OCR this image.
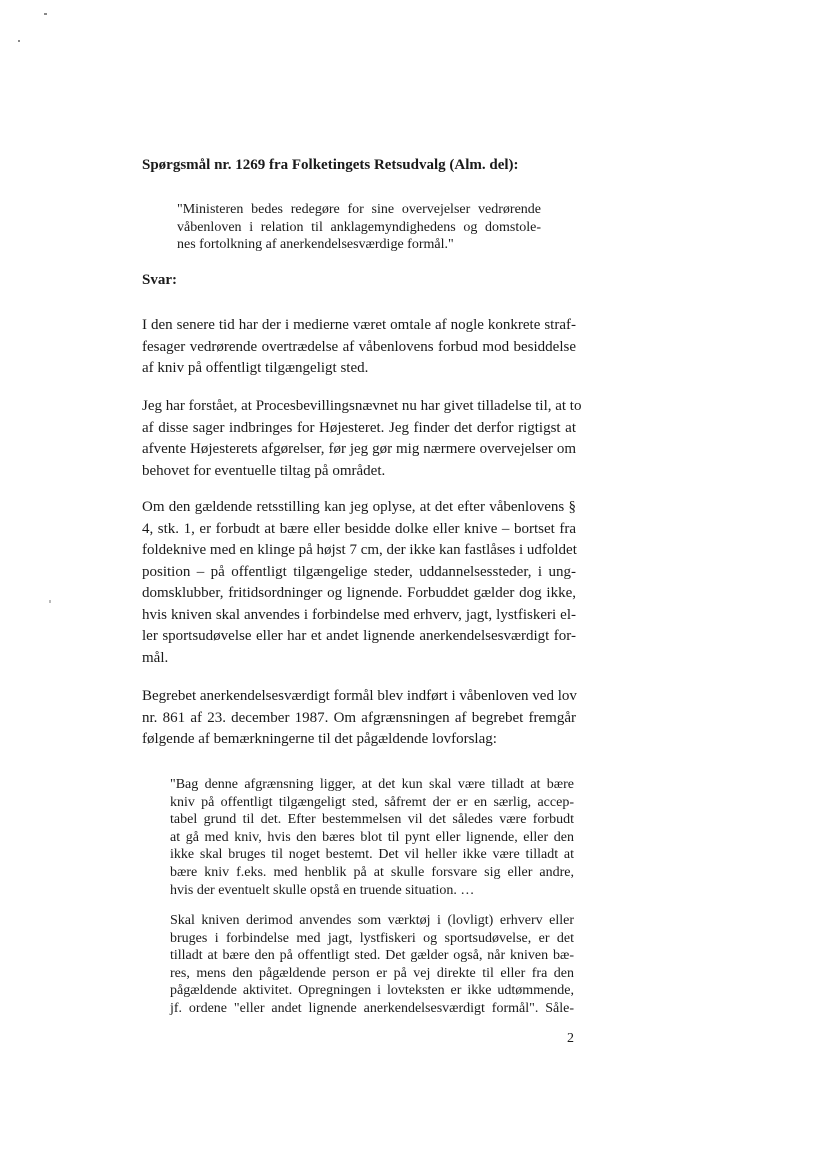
Spørgsmål nr. 1269 fra Folketingets Retsudvalg (Alm. del):
"Ministeren bedes redegøre for sine overvejelser vedrørende
våbenloven i relation til anklagemyndighedens og domstole-
nes fortolkning af anerkendelsesværdige formål."
Svar:
I den senere tid har der i medierne været omtale af nogle konkrete straf-
fesager vedrørende overtrædelse af våbenlovens forbud mod besiddelse
af kniv på offentligt tilgængeligt sted.
Jeg har forstået, at Procesbevillingsnævnet nu har givet tilladelse til, at to
af disse sager indbringes for Højesteret. Jeg finder det derfor rigtigst at
afvente Højesterets afgørelser, før jeg gør mig nærmere overvejelser om
behovet for eventuelle tiltag på området.
Om den gældende retsstilling kan jeg oplyse, at det efter våbenlovens §
4, stk. 1, er forbudt at bære eller besidde dolke eller knive – bortset fra
foldeknive med en klinge på højst 7 cm, der ikke kan fastlåses i udfoldet
position – på offentligt tilgængelige steder, uddannelsessteder, i ung-
domsklubber, fritidsordninger og lignende. Forbuddet gælder dog ikke,
hvis kniven skal anvendes i forbindelse med erhverv, jagt, lystfiskeri el-
ler sportsudøvelse eller har et andet lignende anerkendelsesværdigt for-
mål.
Begrebet anerkendelsesværdigt formål blev indført i våbenloven ved lov
nr. 861 af 23. december 1987. Om afgrænsningen af begrebet fremgår
følgende af bemærkningerne til det pågældende lovforslag:
"Bag denne afgrænsning ligger, at det kun skal være tilladt at bære
kniv på offentligt tilgængeligt sted, såfremt der er en særlig, accep-
tabel grund til det. Efter bestemmelsen vil det således være forbudt
at gå med kniv, hvis den bæres blot til pynt eller lignende, eller den
ikke skal bruges til noget bestemt. Det vil heller ikke være tilladt at
bære kniv f.eks. med henblik på at skulle forsvare sig eller andre,
hvis der eventuelt skulle opstå en truende situation. …
Skal kniven derimod anvendes som værktøj i (lovligt) erhverv eller
bruges i forbindelse med jagt, lystfiskeri og sportsudøvelse, er det
tilladt at bære den på offentligt sted. Det gælder også, når kniven bæ-
res, mens den pågældende person er på vej direkte til eller fra den
pågældende aktivitet. Opregningen i lovteksten er ikke udtømmende,
jf. ordene "eller andet lignende anerkendelsesværdigt formål". Såle-
2
